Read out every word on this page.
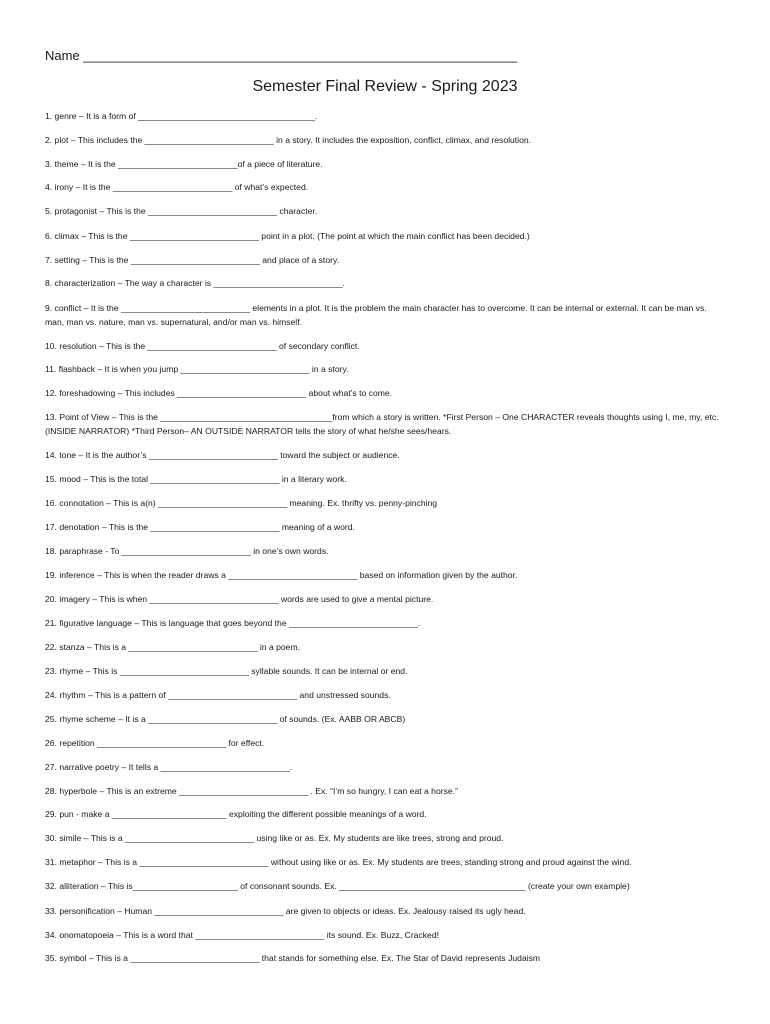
Name ____________________________________________________________
Semester Final Review - Spring 2023
1. genre – It is a form of _____________________________________.
2. plot – This includes the ___________________________ in a story. It includes the exposition, conflict, climax, and resolution.
3. theme – It is the _________________________of a piece of literature.
4. irony – It is the _________________________ of what’s expected.
5. protagonist – This is the ___________________________ character.
6. climax – This is the ___________________________ point in a plot. (The point at which the main conflict has been decided.)
7. setting – This is the ___________________________ and place of a story.
8. characterization – The way a character is ___________________________.
9. conflict – It is the ___________________________ elements in a plot. It is the problem the main character has to overcome. It can be internal or external. It can be man vs. man, man vs. nature, man vs. supernatural, and/or man vs. himself.
10. resolution – This is the ___________________________ of secondary conflict.
11. flashback – It is when you jump ___________________________ in a story.
12. foreshadowing – This includes ___________________________ about what’s to come.
13. Point of View – This is the ____________________________________from which a story is written. *First Person – One CHARACTER reveals thoughts using I, me, my, etc. (INSIDE NARRATOR) *Third Person– AN OUTSIDE NARRATOR tells the story of what he/she sees/hears.
14. tone – It is the author’s ___________________________ toward the subject or audience.
15. mood – This is the total ___________________________ in a literary work.
16. connotation – This is a(n) ___________________________ meaning. Ex. thrifty vs. penny-pinching
17. denotation – This is the ___________________________ meaning of a word.
18. paraphrase - To ___________________________ in one’s own words.
19. inference – This is when the reader draws a ___________________________ based on information given by the author.
20. imagery – This is when ___________________________ words are used to give a mental picture.
21. figurative language – This is language that goes beyond the ___________________________.
22. stanza – This is a ___________________________ in a poem.
23. rhyme – This is ___________________________ syllable sounds. It can be internal or end.
24. rhythm – This is a pattern of ___________________________ and unstressed sounds.
25. rhyme scheme – It is a ___________________________ of sounds. (Ex. AABB OR ABCB)
26. repetition ___________________________ for effect.
27. narrative poetry – It tells a ___________________________.
28. hyperbole – This is an extreme ___________________________ . Ex. “I’m so hungry, I can eat a horse.”
29. pun - make a ________________________ exploiting the different possible meanings of a word.
30. simile – This is a ___________________________ using like or as. Ex. My students are like trees, strong and proud.
31. metaphor – This is a ___________________________ without using like or as. Ex. My students are trees, standing strong and proud against the wind.
32. alliteration – This is______________________ of consonant sounds. Ex. _______________________________________ (create your own example)
33. personification – Human ___________________________ are given to objects or ideas. Ex. Jealousy raised its ugly head.
34. onomatopoeia – This is a word that ___________________________ its sound. Ex. Buzz, Cracked!
35. symbol – This is a ___________________________ that stands for something else. Ex. The Star of David represents Judaism
